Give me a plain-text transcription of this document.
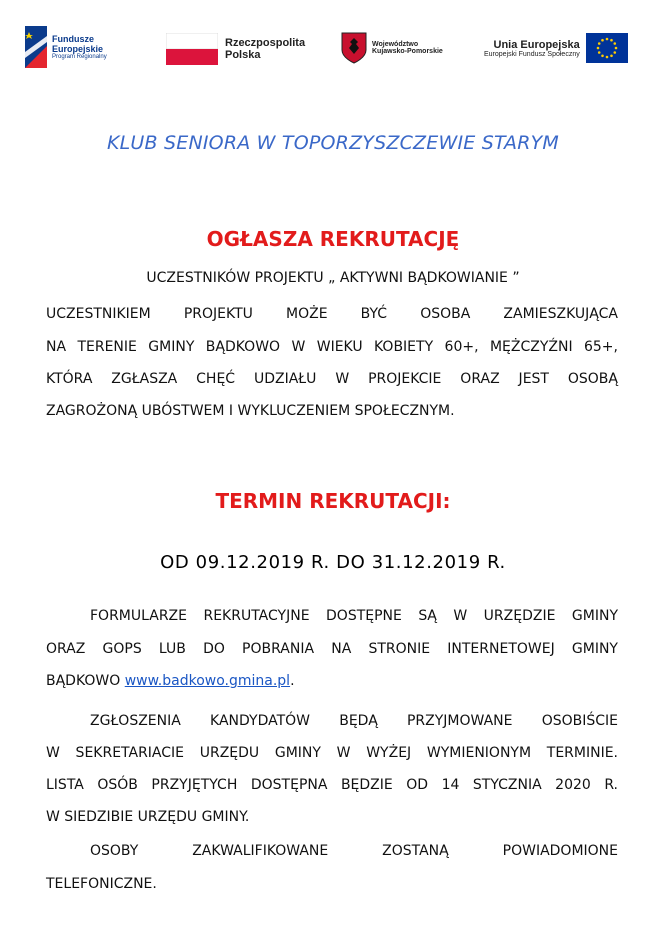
Fundusze
Europejskie
Program Regionalny
Rzeczpospolita
Polska
Województwo
Kujawsko-Pomorskie
Unia Europejska
Europejski Fundusz Społeczny
KLUB SENIORA W TOPORZYSZCZEWIE STARYM
OGŁASZA REKRUTACJĘ
UCZESTNIKÓW PROJEKTU „ AKTYWNI BĄDKOWIANIE ”
UCZESTNIKIEM PROJEKTU MOŻE BYĆ OSOBA ZAMIESZKUJĄCA
NA TERENIE GMINY BĄDKOWO W WIEKU KOBIETY 60+, MĘŻCZYŹNI 65+,
KTÓRA ZGŁASZA CHĘĆ UDZIAŁU W PROJEKCIE ORAZ JEST OSOBĄ
ZAGROŻONĄ UBÓSTWEM I WYKLUCZENIEM SPOŁECZNYM.
TERMIN REKRUTACJI:
OD 09.12.2019 R. DO 31.12.2019 R.
FORMULARZE REKRUTACYJNE DOSTĘPNE SĄ W URZĘDZIE GMINY
ORAZ GOPS LUB DO POBRANIA NA STRONIE INTERNETOWEJ GMINY
BĄDKOWO www.badkowo.gmina.pl.
ZGŁOSZENIA KANDYDATÓW BĘDĄ PRZYJMOWANE OSOBIŚCIE
W SEKRETARIACIE URZĘDU GMINY W WYŻEJ WYMIENIONYM TERMINIE.
LISTA OSÓB PRZYJĘTYCH DOSTĘPNA BĘDZIE OD 14 STYCZNIA 2020 R.
W SIEDZIBIE URZĘDU GMINY.
OSOBY ZAKWALIFIKOWANE ZOSTANĄ POWIADOMIONE
TELEFONICZNE.
